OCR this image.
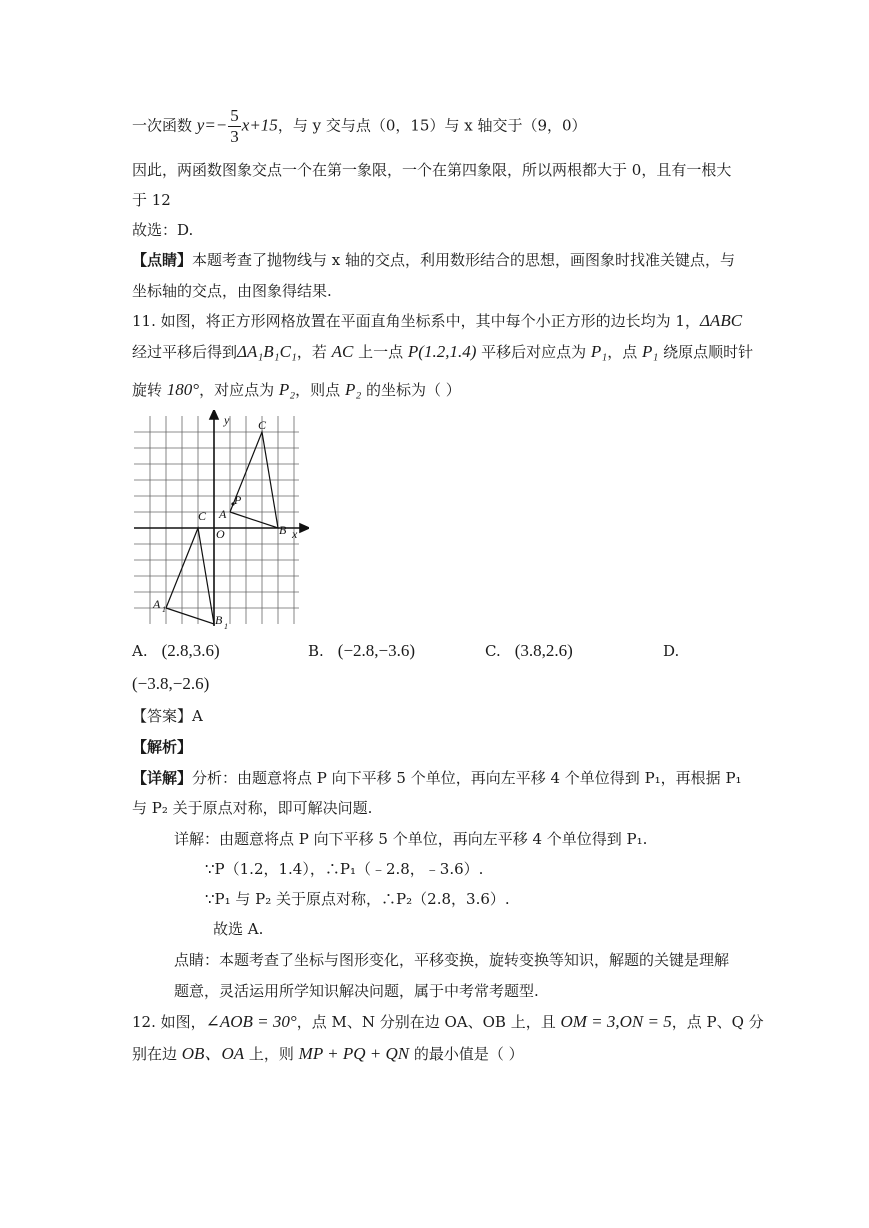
一次函数 $y=- \frac{5}{3} x+15$，与 y 交与点（0，15）与 x 轴交于（9，0）
因此，两函数图象交点一个在第一象限，一个在第四象限，所以两根都大于 0，且有一根大
于 12
故选：D.
【点睛】本题考查了抛物线与 x 轴的交点，利用数形结合的思想，画图象时找准关键点，与
坐标轴的交点，由图象得结果.
11. 如图，将正方形网格放置在平面直角坐标系中，其中每个小正方形的边长均为 1，ΔABC
经过平移后得到ΔA₁B₁C₁，若 AC 上一点 P(1.2,1.4) 平移后对应点为 P₁，点 P₁ 绕原点顺时针
旋转 180°，对应点为 P₂，则点 P₂ 的坐标为（ ）
y
x
O
A
P
C
B
C
A 1
B 1
A. (2.8,3.6)	B. (−2.8,−3.6)	C. (3.8,2.6)	D.
(−3.8,−2.6)
【答案】A
【解析】
【详解】分析：由题意将点 P 向下平移 5 个单位，再向左平移 4 个单位得到 P₁，再根据 P₁
与 P₂ 关于原点对称，即可解决问题.
详解：由题意将点 P 向下平移 5 个单位，再向左平移 4 个单位得到 P₁.
∵P（1.2，1.4），∴P₁（﹣2.8，﹣3.6）.
∵P₁ 与 P₂ 关于原点对称，∴P₂（2.8，3.6）.
故选 A.
点睛：本题考查了坐标与图形变化，平移变换，旋转变换等知识，解题的关键是理解
题意，灵活运用所学知识解决问题，属于中考常考题型.
12. 如图，∠AOB = 30°，点 M、N 分别在边 OA、OB 上，且 OM = 3,ON = 5，点 P、Q 分
别在边 OB、OA 上，则 MP + PQ + QN 的最小值是（ ）
